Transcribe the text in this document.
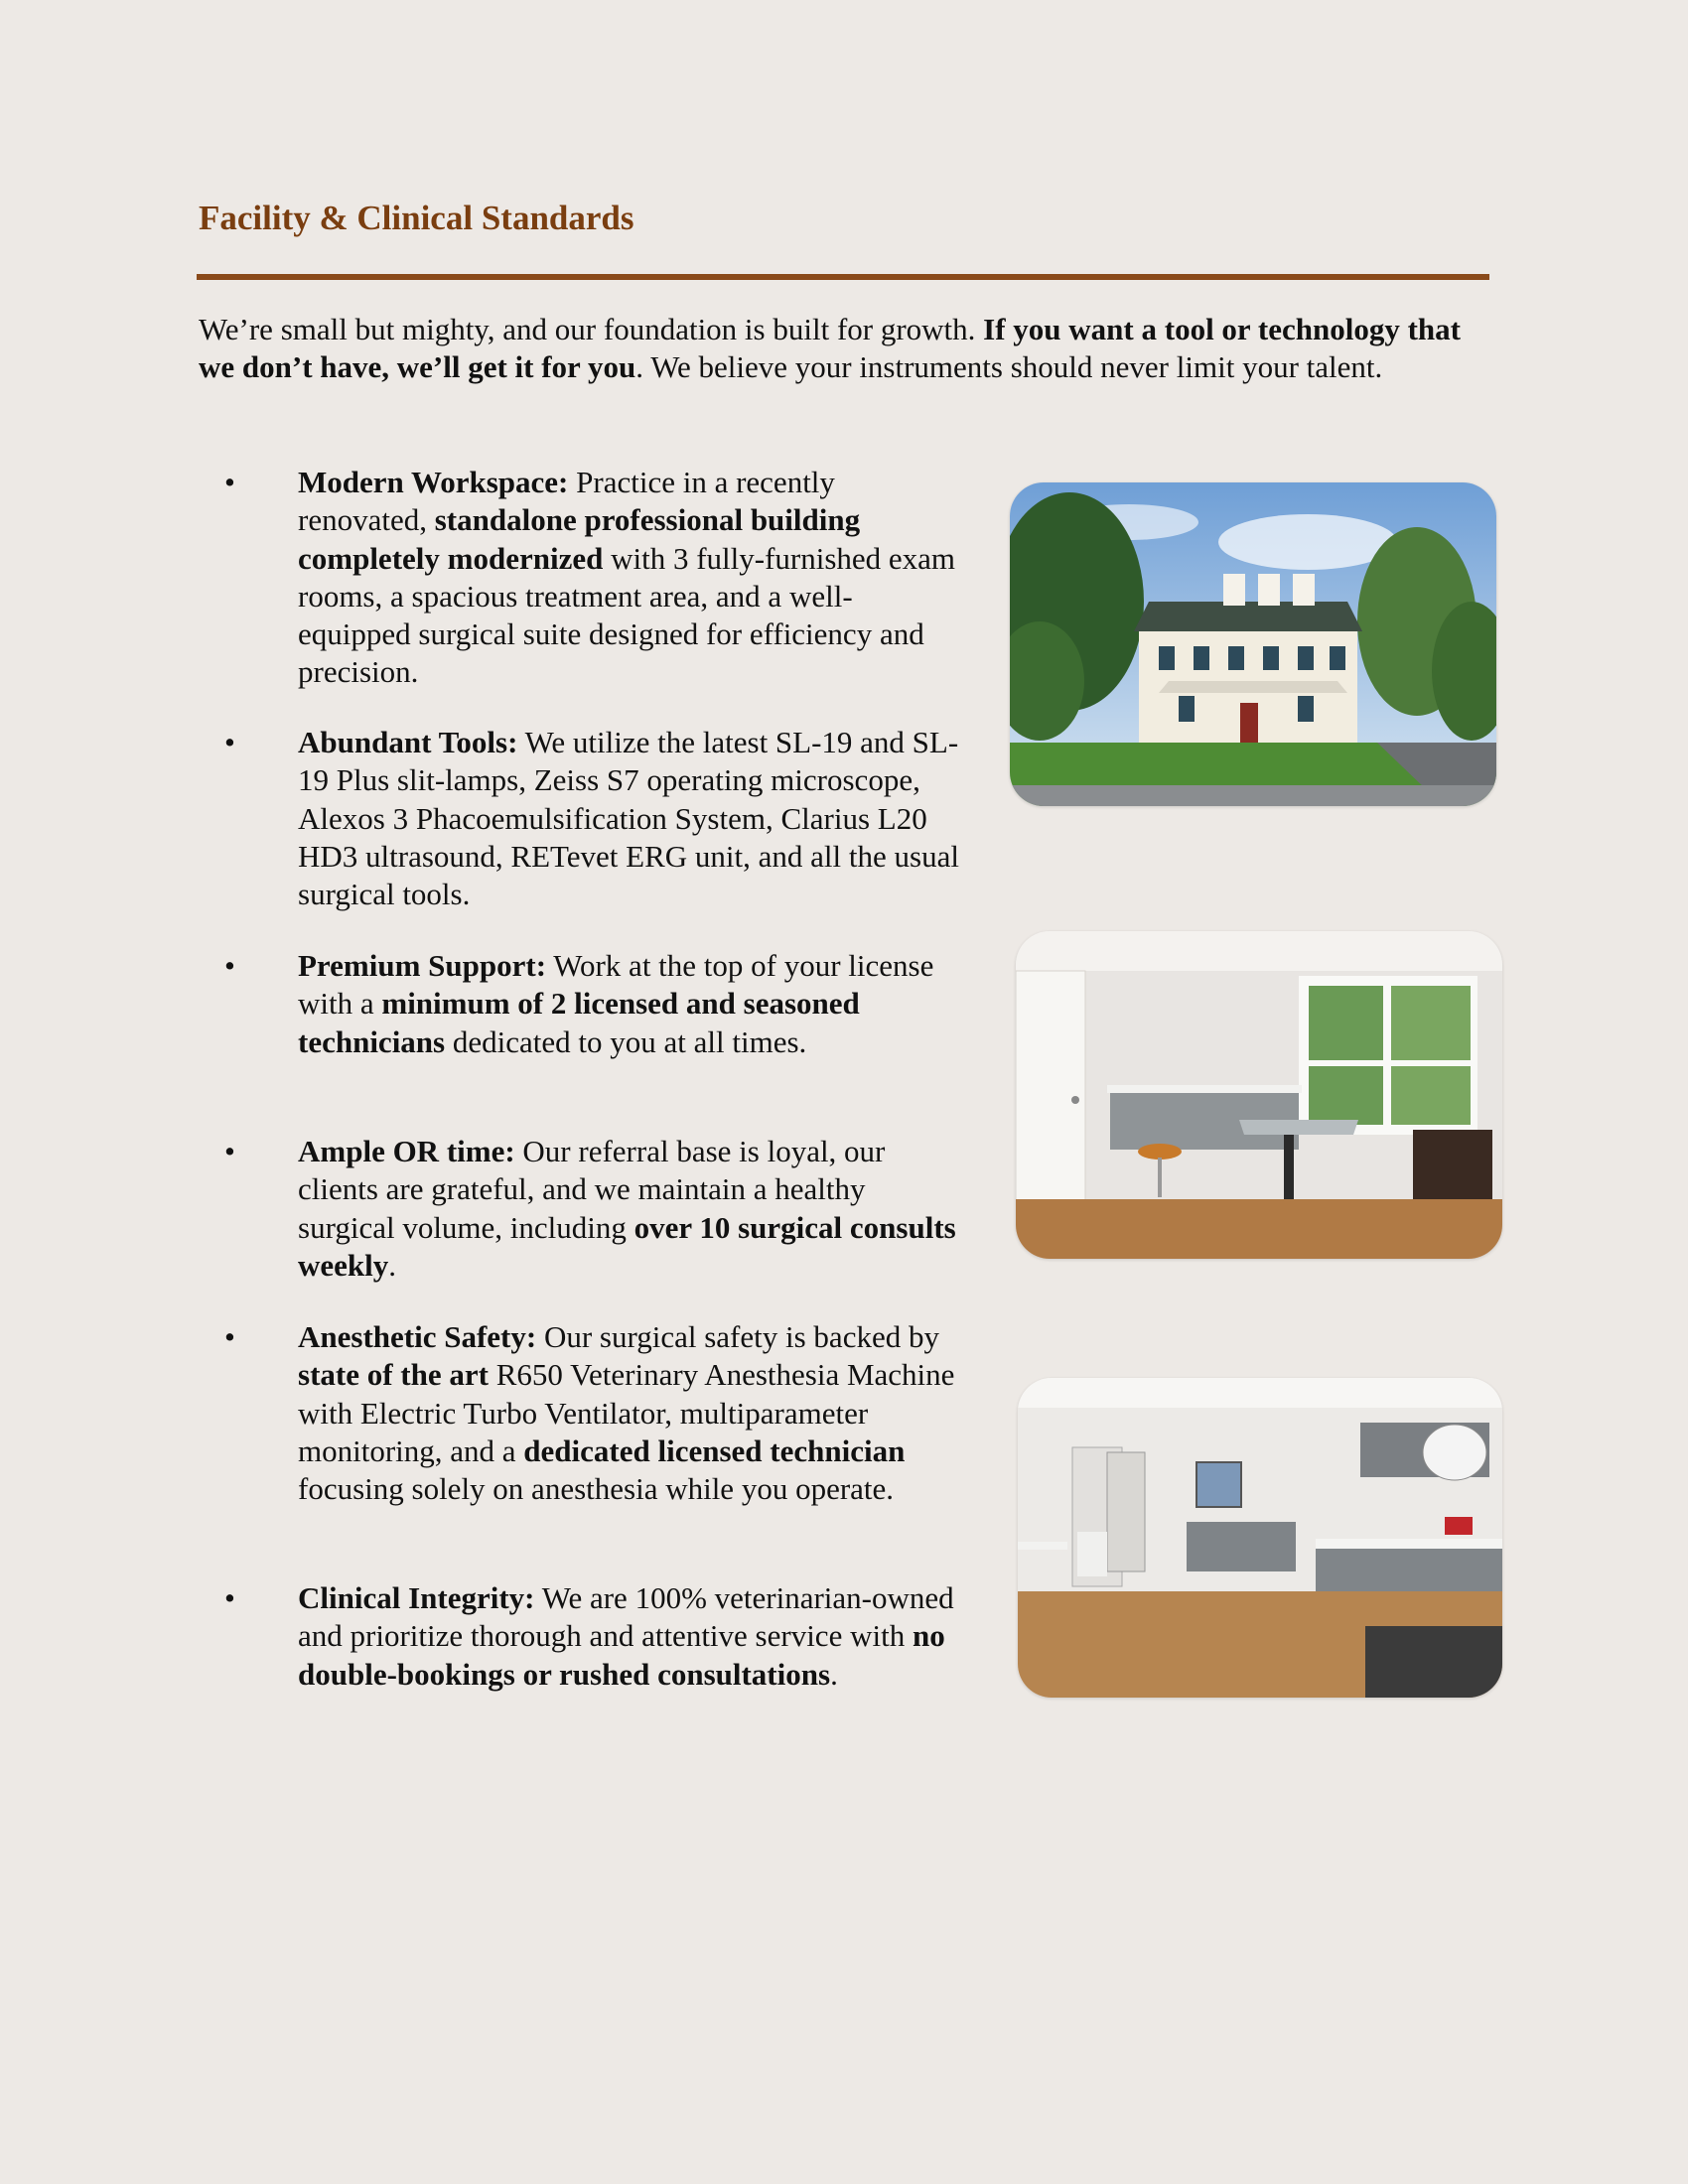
Facility & Clinical Standards

We’re small but mighty, and our foundation is built for growth. If you want a tool or technology that we don’t have, we’ll get it for you. We believe your instruments should never limit your talent.

• Modern Workspace: Practice in a recently renovated, standalone professional building completely modernized with 3 fully-furnished exam rooms, a spacious treatment area, and a well-equipped surgical suite designed for efficiency and precision.

• Abundant Tools: We utilize the latest SL-19 and SL-19 Plus slit-lamps, Zeiss S7 operating microscope, Alexos 3 Phacoemulsification System, Clarius L20 HD3 ultrasound, RETevet ERG unit, and all the usual surgical tools.

• Premium Support: Work at the top of your license with a minimum of 2 licensed and seasoned technicians dedicated to you at all times.

• Ample OR time: Our referral base is loyal, our clients are grateful, and we maintain a healthy surgical volume, including over 10 surgical consults weekly.

• Anesthetic Safety: Our surgical safety is backed by state of the art R650 Veterinary Anesthesia Machine with Electric Turbo Ventilator, multiparameter monitoring, and a dedicated licensed technician focusing solely on anesthesia while you operate.

• Clinical Integrity: We are 100% veterinarian-owned and prioritize thorough and attentive service with no double-bookings or rushed consultations.
